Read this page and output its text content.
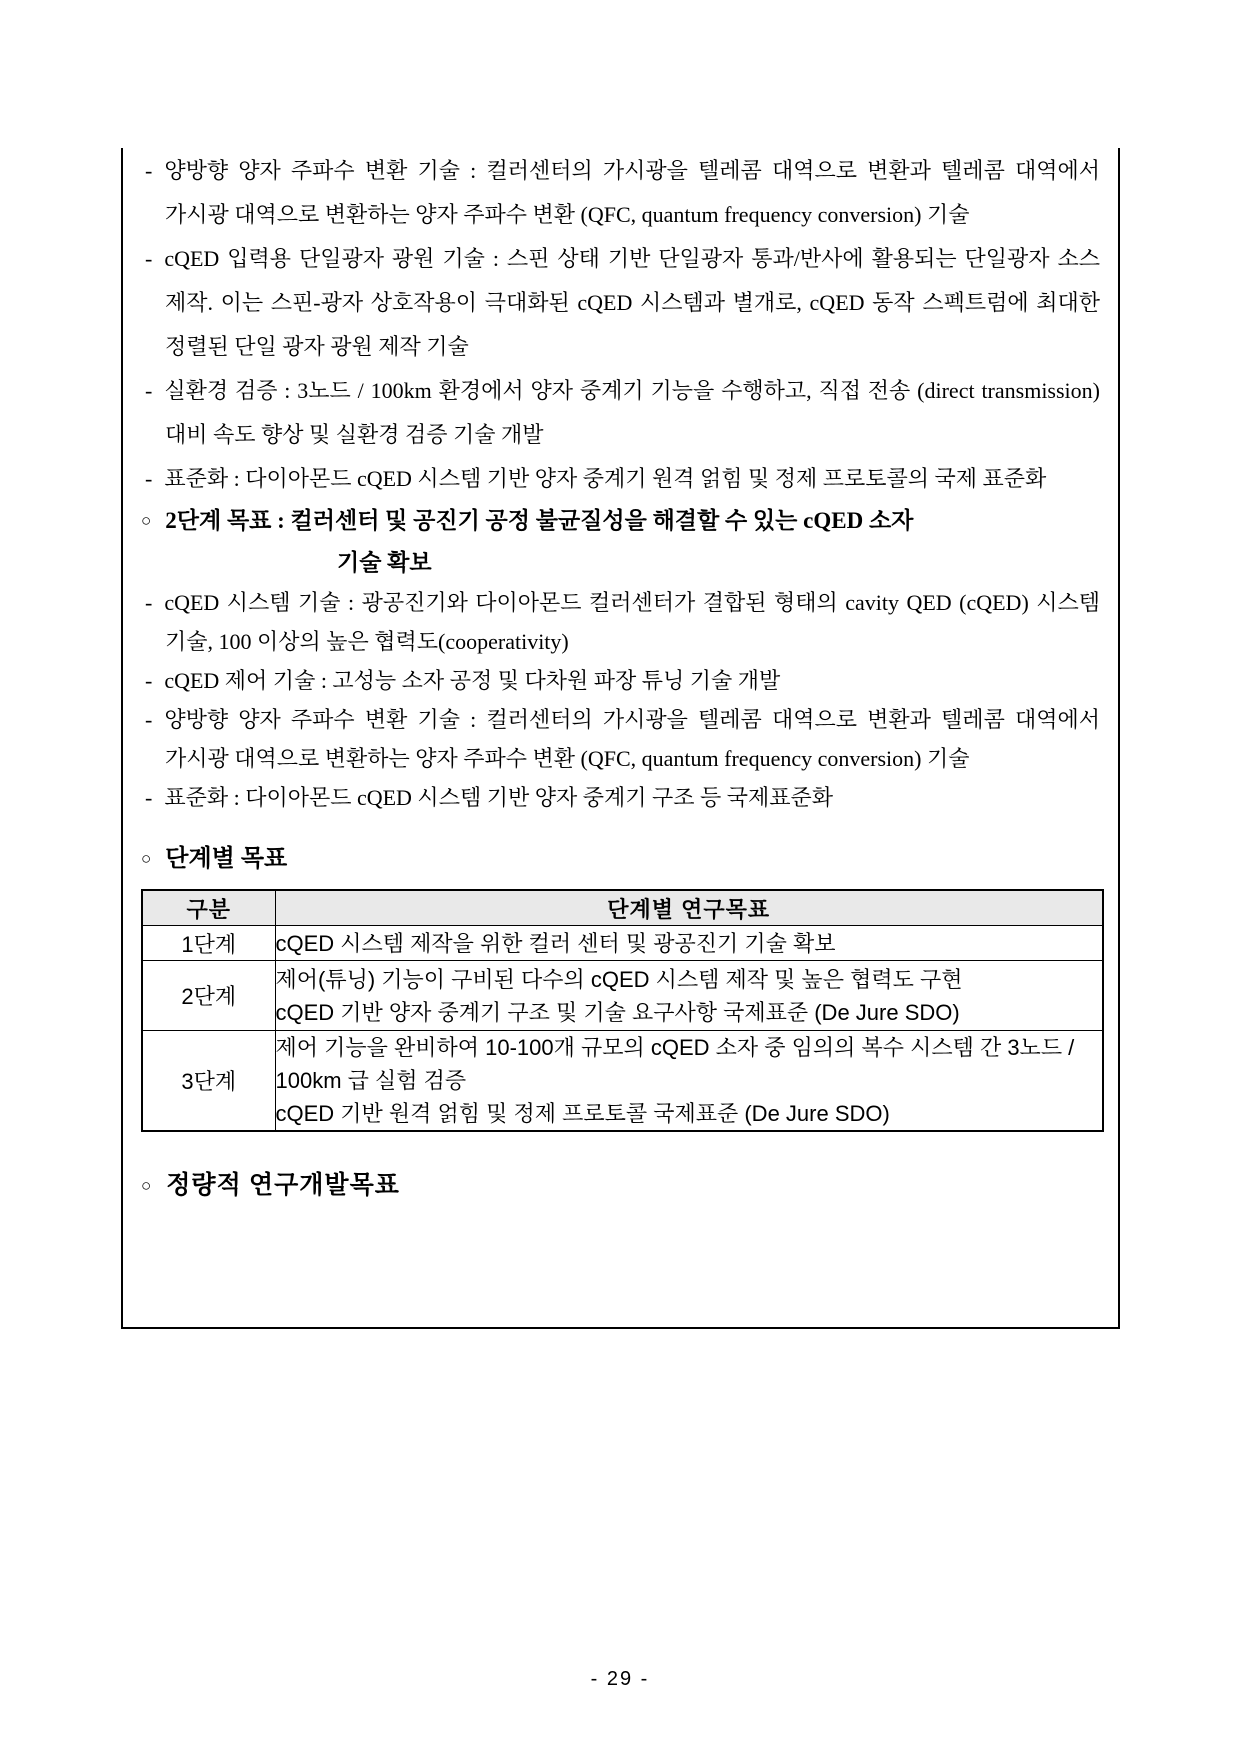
- 양방향 양자 주파수 변환 기술 : 컬러센터의 가시광을 텔레콤 대역으로 변환과 텔레콤 대역에서 가시광 대역으로 변환하는 양자 주파수 변환 (QFC, quantum frequency conversion) 기술
- cQED 입력용 단일광자 광원 기술 : 스핀 상태 기반 단일광자 통과/반사에 활용되는 단일광자 소스 제작. 이는 스핀-광자 상호작용이 극대화된 cQED 시스템과 별개로, cQED 동작 스펙트럼에 최대한 정렬된 단일 광자 광원 제작 기술
- 실환경 검증 : 3노드 / 100km 환경에서 양자 중계기 기능을 수행하고, 직접 전송 (direct transmission) 대비 속도 향상 및 실환경 검증 기술 개발
- 표준화 : 다이아몬드 cQED 시스템 기반 양자 중계기 원격 얽힘 및 정제 프로토콜의 국제 표준화
○ 2단계 목표 : 컬러센터 및 공진기 공정 불균질성을 해결할 수 있는 cQED 소자
기술 확보
- cQED 시스템 기술 : 광공진기와 다이아몬드 컬러센터가 결합된 형태의 cavity QED (cQED) 시스템 기술, 100 이상의 높은 협력도(cooperativity)
- cQED 제어 기술 : 고성능 소자 공정 및 다차원 파장 튜닝 기술 개발
- 양방향 양자 주파수 변환 기술 : 컬러센터의 가시광을 텔레콤 대역으로 변환과 텔레콤 대역에서 가시광 대역으로 변환하는 양자 주파수 변환 (QFC, quantum frequency conversion) 기술
- 표준화 : 다이아몬드 cQED 시스템 기반 양자 중계기 구조 등 국제표준화
○ 단계별 목표
구분	단계별 연구목표
1단계	cQED 시스템 제작을 위한 컬러 센터 및 광공진기 기술 확보

2단계	제어(튜닝) 기능이 구비된 다수의 cQED 시스템 제작 및 높은 협력도 구현
cQED 기반 양자 중계기 구조 및 기술 요구사항 국제표준 (De Jure SDO)

3단계	제어 기능을 완비하여 10-100개 규모의 cQED 소자 중 임의의 복수 시스템 간 3노드 / 100km 급 실험 검증
cQED 기반 원격 얽힘 및 정제 프로토콜 국제표준 (De Jure SDO)
○ 정량적 연구개발목표
- 29 -
